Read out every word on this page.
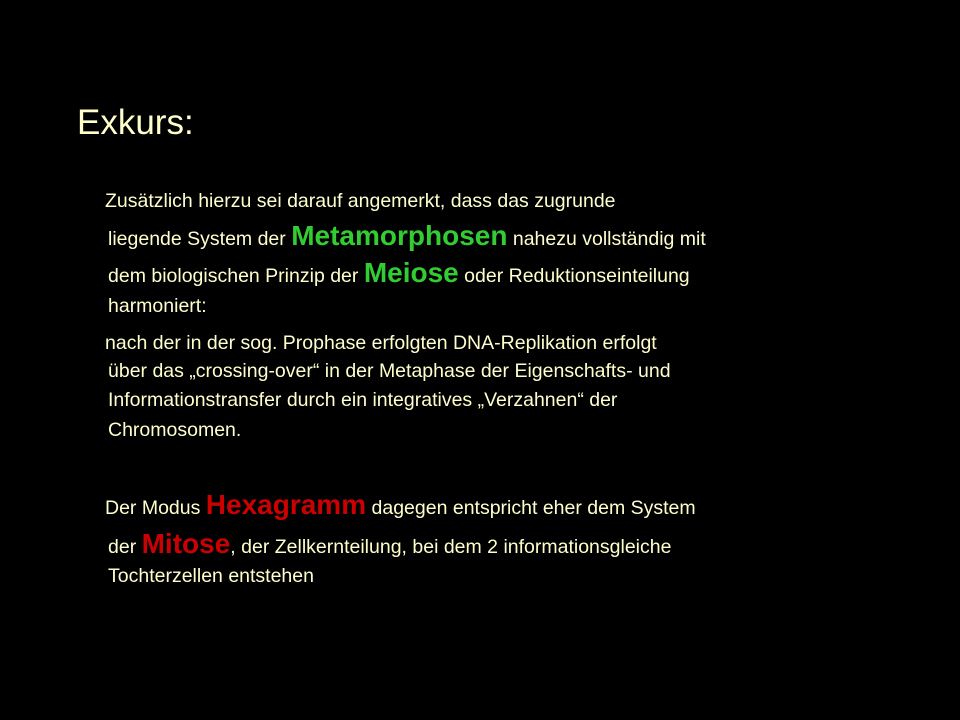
Exkurs:
Zusätzlich hierzu sei darauf angemerkt, dass das zugrunde
liegende System der Metamorphosen nahezu vollständig mit
dem biologischen Prinzip der Meiose oder Reduktionseinteilung
harmoniert:
nach der in der sog. Prophase erfolgten DNA-Replikation erfolgt
über das „crossing-over“ in der Metaphase der Eigenschafts- und
Informationstransfer durch ein integratives „Verzahnen“ der
Chromosomen.
Der Modus Hexagramm dagegen entspricht eher dem System
der Mitose, der Zellkernteilung, bei dem 2 informationsgleiche
Tochterzellen entstehen
